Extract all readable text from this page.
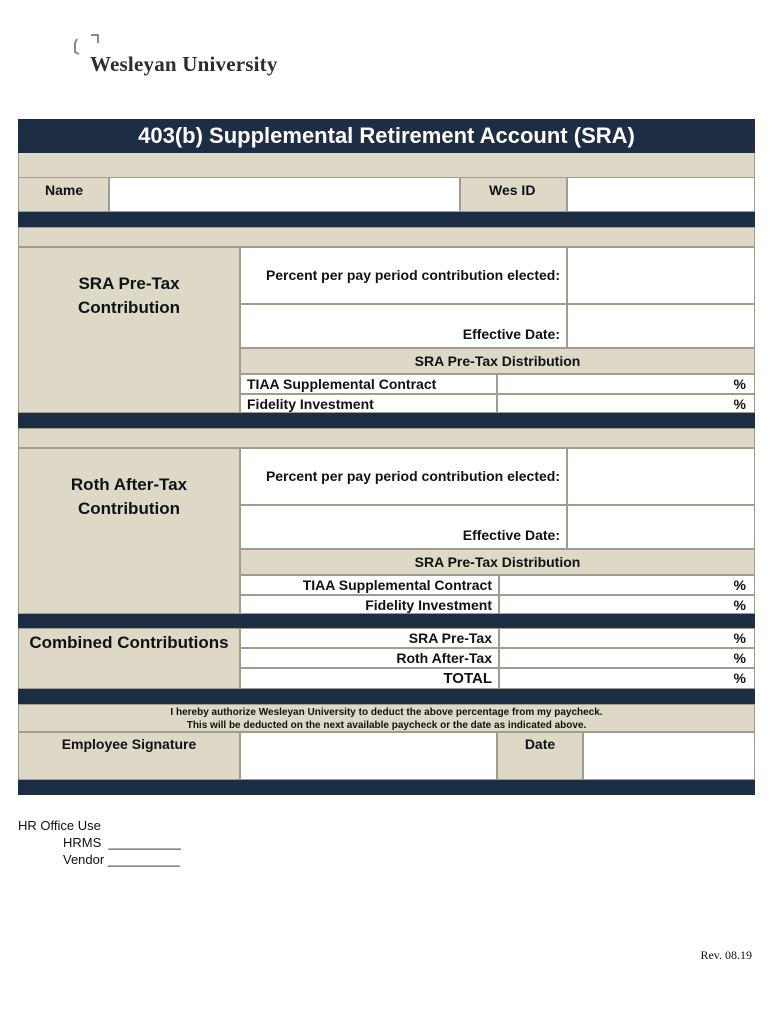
Wesleyan University
403(b) Supplemental Retirement Account (SRA)
Name	Wes ID
SRA Pre-Tax Contribution
Percent per pay period contribution elected:
Effective Date:
SRA Pre-Tax Distribution
TIAA Supplemental Contract	%
Fidelity Investment	%
Roth After-Tax Contribution
Percent per pay period contribution elected:
Effective Date:
SRA Pre-Tax Distribution
TIAA Supplemental Contract	%
Fidelity Investment	%
Combined Contributions	SRA Pre-Tax	%
Roth After-Tax	%
TOTAL	%
I hereby authorize Wesleyan University to deduct the above percentage from my paycheck.
This will be deducted on the next available paycheck or the date as indicated above.
Employee Signature	Date
HR Office Use
HRMS  __________
Vendor __________
Rev. 08.19
